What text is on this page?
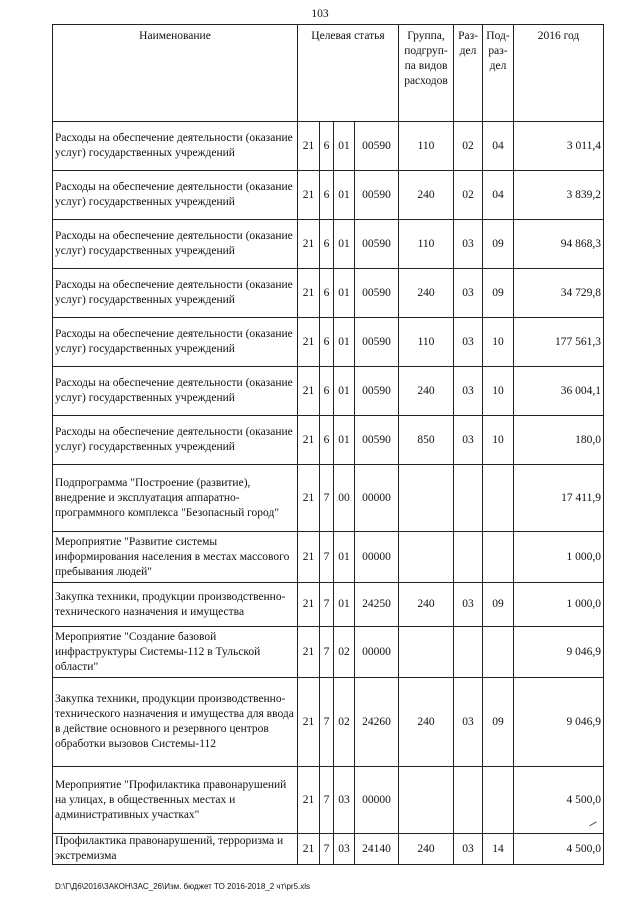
103
Наименование	Целевая статья				Группа, подгруп-па видов расходов	Раз-дел	Под-раз-дел	2016 год
Расходы на обеспечение деятельности (оказание услуг) государственных учреждений	21	6	01	00590	110	02	04	3 011,4
Расходы на обеспечение деятельности (оказание услуг) государственных учреждений	21	6	01	00590	240	02	04	3 839,2
Расходы на обеспечение деятельности (оказание услуг) государственных учреждений	21	6	01	00590	110	03	09	94 868,3
Расходы на обеспечение деятельности (оказание услуг) государственных учреждений	21	6	01	00590	240	03	09	34 729,8
Расходы на обеспечение деятельности (оказание услуг) государственных учреждений	21	6	01	00590	110	03	10	177 561,3
Расходы на обеспечение деятельности (оказание услуг) государственных учреждений	21	6	01	00590	240	03	10	36 004,1
Расходы на обеспечение деятельности (оказание услуг) государственных учреждений	21	6	01	00590	850	03	10	180,0
Подпрограмма "Построение (развитие), внедрение и эксплуатация аппаратно-программного комплекса "Безопасный город"	21	7	00	00000				17 411,9
Мероприятие "Развитие системы информирования населения в местах массового пребывания людей"	21	7	01	00000				1 000,0
Закупка техники, продукции производственно-технического назначения и имущества	21	7	01	24250	240	03	09	1 000,0
Мероприятие "Создание базовой инфраструктуры Системы-112 в Тульской области"	21	7	02	00000				9 046,9
Закупка техники, продукции производственно-технического назначения и имущества для ввода в действие основного и резервного центров обработки вызовов Системы-112	21	7	02	24260	240	03	09	9 046,9
Мероприятие "Профилактика правонарушений на улицах, в общественных местах и административных участках"	21	7	03	00000				4 500,0
Профилактика правонарушений, терроризма и экстремизма	21	7	03	24140	240	03	14	4 500,0
D:\Г\Д6\2016\ЗАКОН\ЗАС_26\Изм. бюджет ТО 2016-2018_2 чт\pr5.xls
